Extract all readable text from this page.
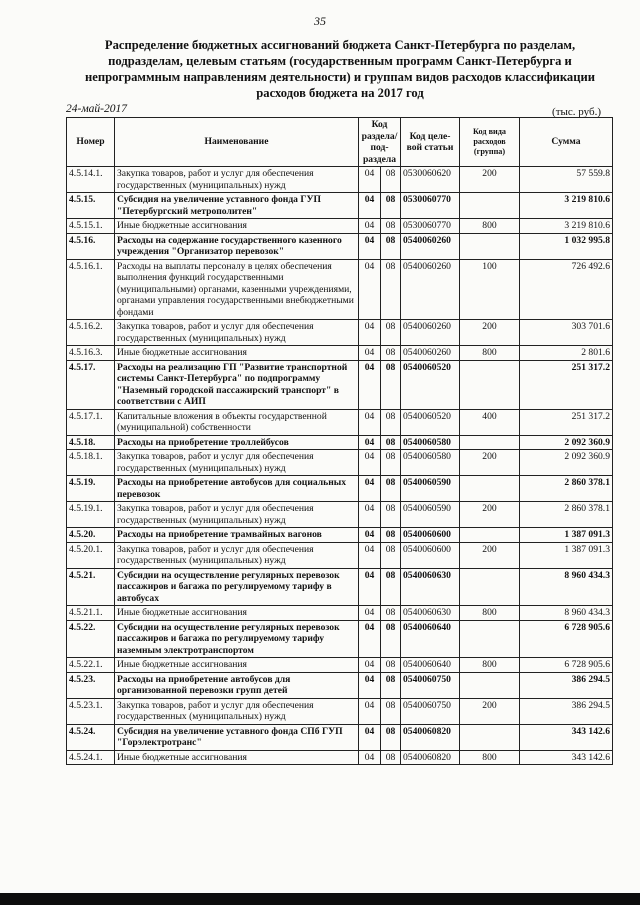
35
Распределение бюджетных ассигнований бюджета Санкт-Петербурга по разделам, подразделам, целевым статьям (государственным программ Санкт-Петербурга и непрограммным направлениям деятельности) и группам видов расходов классификации расходов бюджета на 2017 год
24-май-2017	(тыс. руб.)
Номер	Наименование	Код раздела/ под-раздела		Код целе-вой статьи	Код вида расходов (группа)	Сумма
4.5.14.1.	Закупка товаров, работ и услуг для обеспечения государственных (муниципальных) нужд	04	08	0530060620	200	57 559.8
4.5.15.	Субсидия на увеличение уставного фонда ГУП "Петербургский метрополитен"	04	08	0530060770		3 219 810.6
4.5.15.1.	Иные бюджетные ассигнования	04	08	0530060770	800	3 219 810.6
4.5.16.	Расходы на содержание государственного казенного учреждения "Организатор перевозок"	04	08	0540060260		1 032 995.8
4.5.16.1.	Расходы на выплаты персоналу в целях обеспечения выполнения функций государственными (муниципальными) органами, казенными учреждениями, органами управления государственными внебюджетными фондами	04	08	0540060260	100	726 492.6
4.5.16.2.	Закупка товаров, работ и услуг для обеспечения государственных (муниципальных) нужд	04	08	0540060260	200	303 701.6
4.5.16.3.	Иные бюджетные ассигнования	04	08	0540060260	800	2 801.6
4.5.17.	Расходы на реализацию ГП "Развитие транспортной системы Санкт-Петербурга" по подпрограмму "Наземный городской пассажирский транспорт" в соответствии с АИП	04	08	0540060520		251 317.2
4.5.17.1.	Капитальные вложения в объекты государственной (муниципальной) собственности	04	08	0540060520	400	251 317.2
4.5.18.	Расходы на приобретение троллейбусов	04	08	0540060580		2 092 360.9
4.5.18.1.	Закупка товаров, работ и услуг для обеспечения государственных (муниципальных) нужд	04	08	0540060580	200	2 092 360.9
4.5.19.	Расходы на приобретение автобусов для социальных перевозок	04	08	0540060590		2 860 378.1
4.5.19.1.	Закупка товаров, работ и услуг для обеспечения государственных (муниципальных) нужд	04	08	0540060590	200	2 860 378.1
4.5.20.	Расходы на приобретение трамвайных вагонов	04	08	0540060600		1 387 091.3
4.5.20.1.	Закупка товаров, работ и услуг для обеспечения государственных (муниципальных) нужд	04	08	0540060600	200	1 387 091.3
4.5.21.	Субсидии на осуществление регулярных перевозок пассажиров и багажа по регулируемому тарифу в автобусах	04	08	0540060630		8 960 434.3
4.5.21.1.	Иные бюджетные ассигнования	04	08	0540060630	800	8 960 434.3
4.5.22.	Субсидии на осуществление регулярных перевозок пассажиров и багажа по регулируемому тарифу наземным электротранспортом	04	08	0540060640		6 728 905.6
4.5.22.1.	Иные бюджетные ассигнования	04	08	0540060640	800	6 728 905.6
4.5.23.	Расходы на приобретение автобусов для организованной перевозки групп детей	04	08	0540060750		386 294.5
4.5.23.1.	Закупка товаров, работ и услуг для обеспечения государственных (муниципальных) нужд	04	08	0540060750	200	386 294.5
4.5.24.	Субсидия на увеличение уставного фонда СПб ГУП "Горэлектротранс"	04	08	0540060820		343 142.6
4.5.24.1.	Иные бюджетные ассигнования	04	08	0540060820	800	343 142.6
